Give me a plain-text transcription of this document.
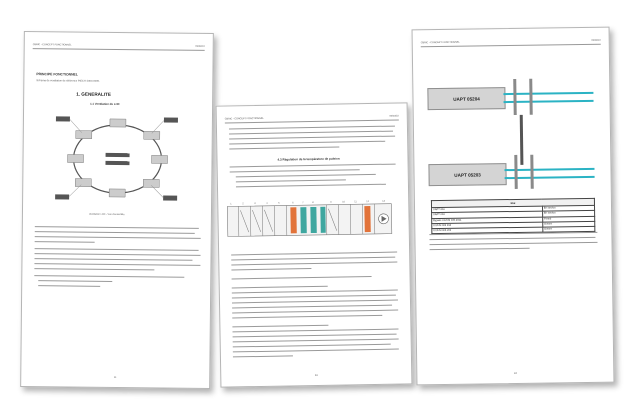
CBRIC - CONCEPT FONCTIONNEL	05/03/10
PRINCIPE FONCTIONNEL
Schéma de ventilation de référence PIECH-2000-0000-
1. GENERALITE
1.1 Ventilation du LHC
Ventilation LHC - Vue d'ensemble
11
CBRIC - CONCEPT FONCTIONNEL
05/03/10
4.3 Régulation de la température de pulsion
1	2	3	4	5	6	7	8	9	10	11	12	13
24
CBRIC - CONCEPT FONCTIONNEL
05/03/10
UAPT 05204
UAPT 05203
Etat	
UAPT 204	En service
UAPT 203	En service
Bypass UX/UM 005-2021	Fermé
UX/UM 005 204	Ouvert
UX/UM 005 203	Ouvert
18
